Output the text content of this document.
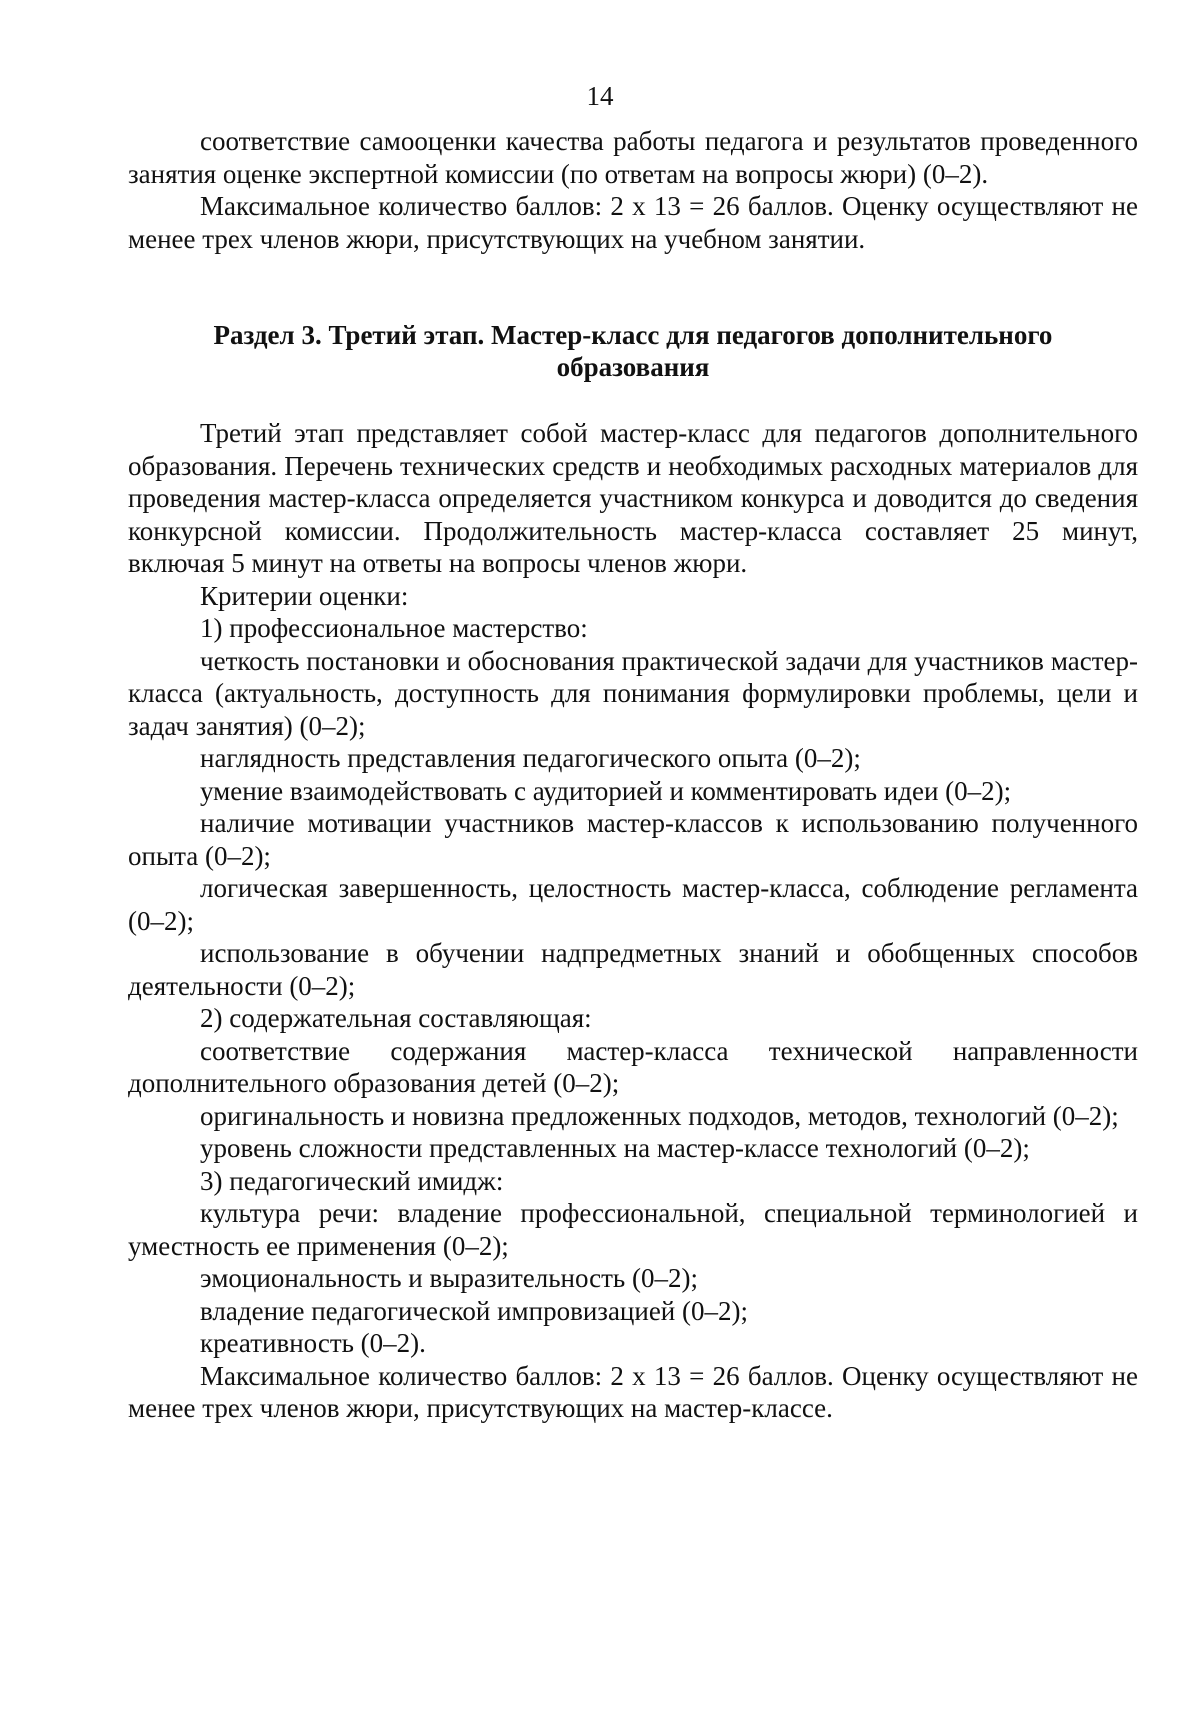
14

соответствие самооценки качества работы педагога и результатов проведенного занятия оценке экспертной комиссии (по ответам на вопросы жюри) (0–2).

Максимальное количество баллов: 2 х 13 = 26 баллов. Оценку осуществляют не менее трех членов жюри, присутствующих на учебном занятии.

Раздел 3. Третий этап. Мастер-класс для педагогов дополнительного
образования

Третий этап представляет собой мастер-класс для педагогов дополнительного образования. Перечень технических средств и необходимых расходных материалов для проведения мастер-класса определяется участником конкурса и доводится до сведения конкурсной комиссии. Продолжительность мастер-класса составляет 25 минут, включая 5 минут на ответы на вопросы членов жюри.

Критерии оценки:

1) профессиональное мастерство:

четкость постановки и обоснования практической задачи для участников мастер-класса (актуальность, доступность для понимания формулировки проблемы, цели и задач занятия) (0–2);

наглядность представления педагогического опыта (0–2);

умение взаимодействовать с аудиторией и комментировать идеи (0–2);

наличие мотивации участников мастер-классов к использованию полученного опыта (0–2);

логическая завершенность, целостность мастер-класса, соблюдение регламента (0–2);

использование в обучении надпредметных знаний и обобщенных способов деятельности (0–2);

2) содержательная составляющая:

соответствие содержания мастер-класса технической направленности дополнительного образования детей (0–2);

оригинальность и новизна предложенных подходов, методов, технологий (0–2);

уровень сложности представленных на мастер-классе технологий (0–2);

3) педагогический имидж:

культура речи: владение профессиональной, специальной терминологией и уместность ее применения (0–2);

эмоциональность и выразительность (0–2);

владение педагогической импровизацией (0–2);

креативность (0–2).

Максимальное количество баллов: 2 х 13 = 26 баллов. Оценку осуществляют не менее трех членов жюри, присутствующих на мастер-классе.
